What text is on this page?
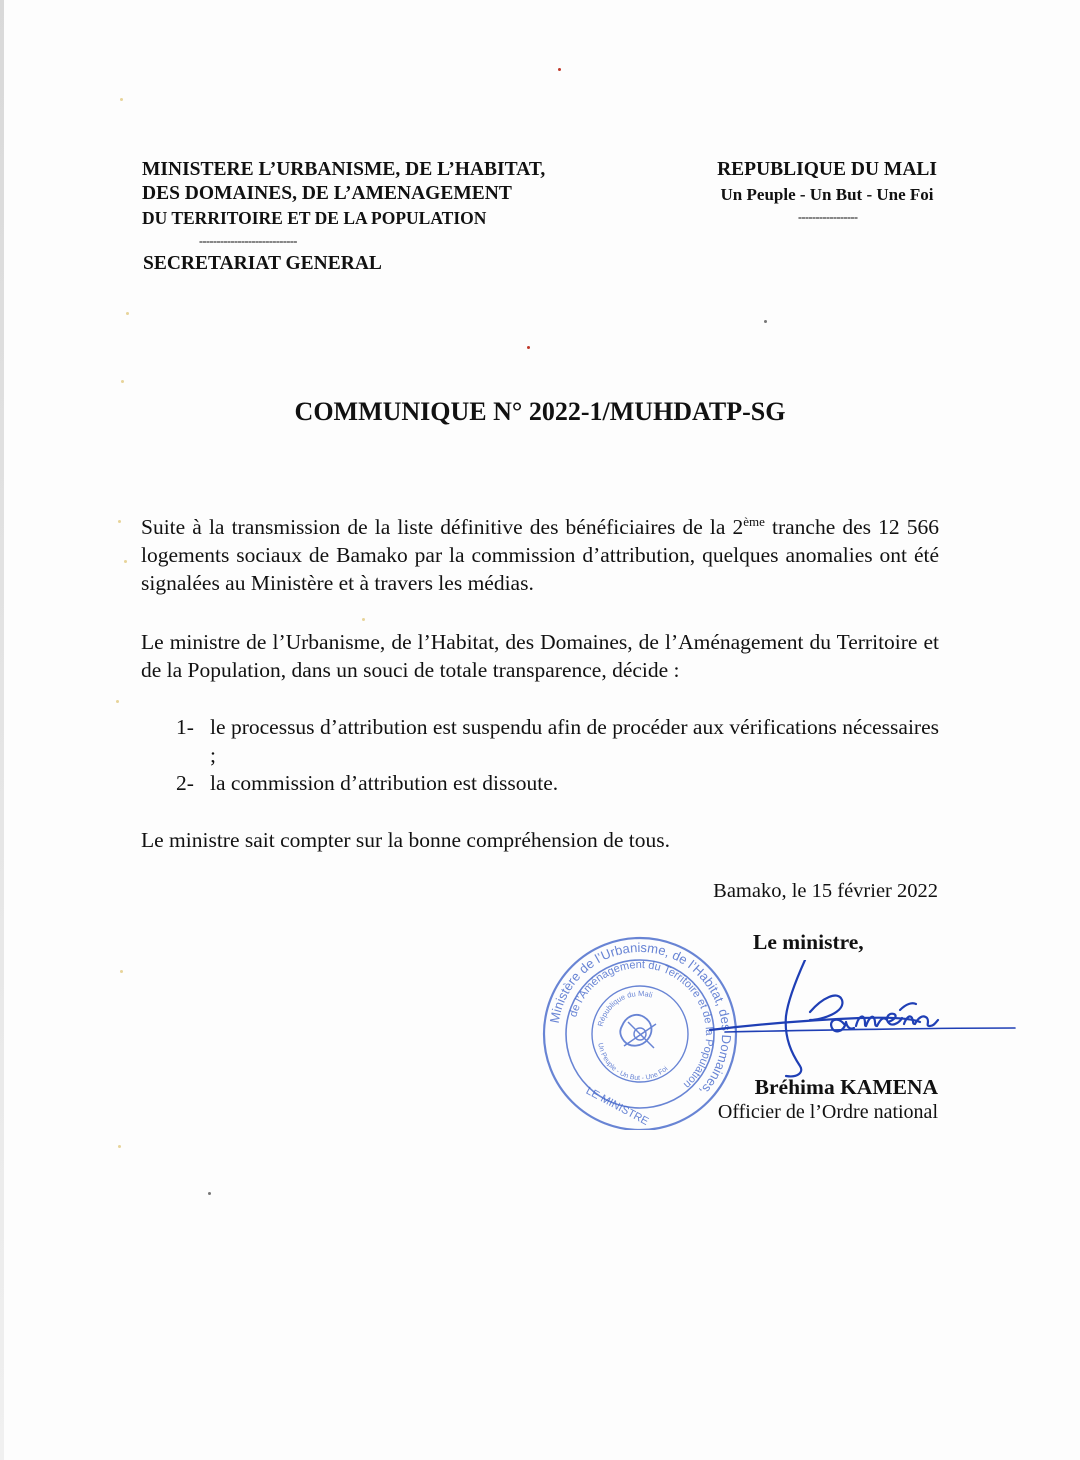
MINISTERE L’URBANISME, DE L’HABITAT,
DES DOMAINES, DE L’AMENAGEMENT
DU TERRITOIRE ET DE LA POPULATION
----------------------------
SECRETARIAT GENERAL
REPUBLIQUE DU MALI
Un Peuple - Un But - Une Foi
-----------------
COMMUNIQUE N° 2022-1/MUHDATP-SG
Suite à la transmission de la liste définitive des bénéficiaires de la 2ème tranche des 12 566 logements sociaux de Bamako par la commission d’attribution, quelques anomalies ont été signalées au Ministère et à travers les médias.
Le ministre de l’Urbanisme, de l’Habitat, des Domaines, de l’Aménagement du Territoire et de la Population, dans un souci de totale transparence, décide :
1- le processus d’attribution est suspendu afin de procéder aux vérifications nécessaires ;
2- la commission d’attribution est dissoute.
Le ministre sait compter sur la bonne compréhension de tous.
Bamako, le 15 février 2022
Le ministre,
Ministère de l’Urbanisme, de l’Habitat, des Domaines,
de l’Aménagement du Territoire et de la Population
République du Mali
Un Peuple - Un But - Une Foi
LE MINISTRE	Bréhima KAMENA
Officier de l’Ordre national
